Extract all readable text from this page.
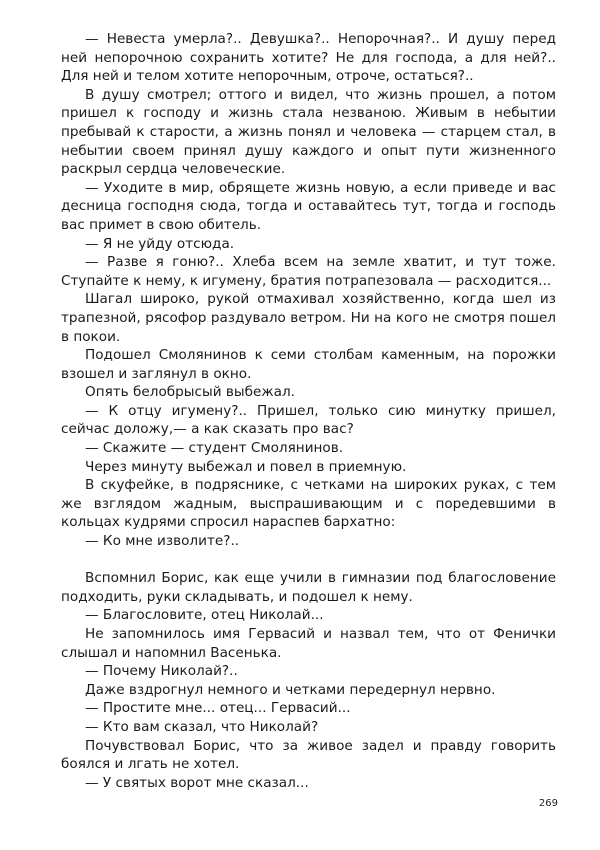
— Невеста умерла?.. Девушка?.. Непорочная?.. И душу перед ней непорочною сохранить хотите? Не для господа, а для ней?.. Для ней и телом хотите непорочным, отроче, остаться?..

В душу смотрел; оттого и видел, что жизнь прошел, а потом пришел к господу и жизнь стала незваною. Живым в небытии пребывай к старости, а жизнь понял и человека — старцем стал, в небытии своем принял душу каждого и опыт пути жизненного раскрыл сердца человеческие.

— Уходите в мир, обрящете жизнь новую, а если приведе и вас десница господня сюда, тогда и оставайтесь тут, тогда и господь вас примет в свою обитель.

— Я не уйду отсюда.

— Разве я гоню?.. Хлеба всем на земле хватит, и тут тоже. Ступайте к нему, к игумену, братия потрапезовала — расходится...

Шагал широко, рукой отмахивал хозяйственно, когда шел из трапезной, рясофор раздувало ветром. Ни на кого не смотря пошел в покои.

Подошел Смолянинов к семи столбам каменным, на порожки взошел и заглянул в окно.

Опять белобрысый выбежал.

— К отцу игумену?.. Пришел, только сию минутку пришел, сейчас доложу,— а как сказать про вас?

— Скажите — студент Смолянинов.

Через минуту выбежал и повел в приемную.

В скуфейке, в подряснике, с четками на широких руках, с тем же взглядом жадным, выспрашивающим и с поредевшими в кольцах кудрями спросил нараспев бархатно:

— Ко мне изволите?..

Вспомнил Борис, как еще учили в гимназии под благословение подходить, руки складывать, и подошел к нему.

— Благословите, отец Николай...

Не запомнилось имя Гервасий и назвал тем, что от Фенички слышал и напомнил Васенька.

— Почему Николай?..

Даже вздрогнул немного и четками передернул нервно.

— Простите мне... отец... Гервасий...

— Кто вам сказал, что Николай?

Почувствовал Борис, что за живое задел и правду говорить боялся и лгать не хотел.

— У святых ворот мне сказал...

269
